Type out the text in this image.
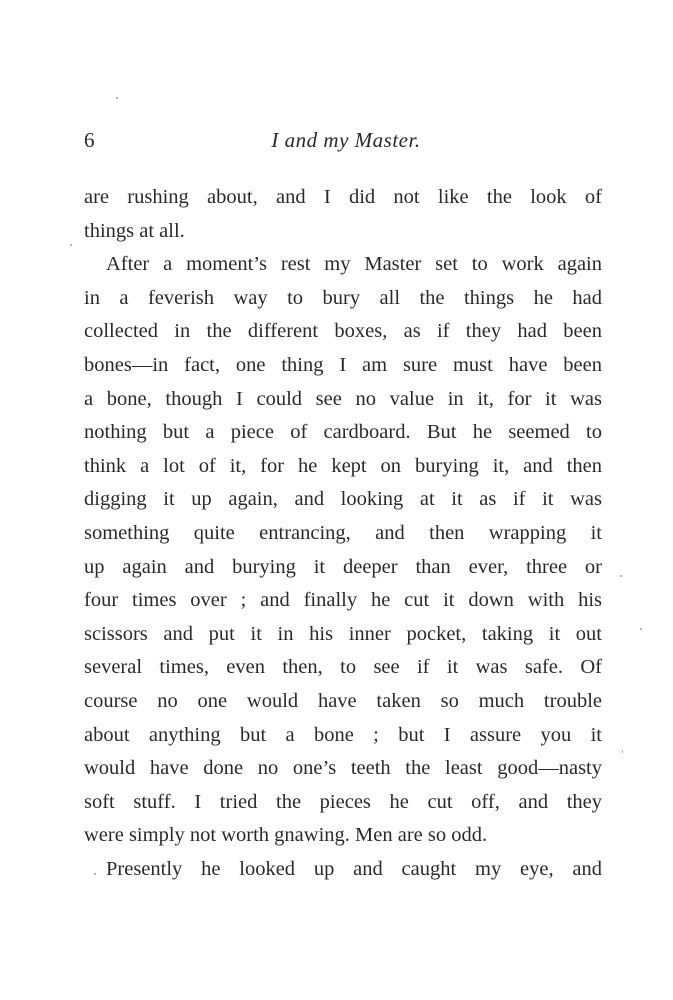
6	I and my Master.
are rushing about, and I did not like the look of
things at all.
After a moment’s rest my Master set to work again
in a feverish way to bury all the things he had
collected in the different boxes, as if they had been
bones—in fact, one thing I am sure must have been
a bone, though I could see no value in it, for it was
nothing but a piece of cardboard. But he seemed to
think a lot of it, for he kept on burying it, and then
digging it up again, and looking at it as if it was
something quite entrancing, and then wrapping it
up again and burying it deeper than ever, three or
four times over ; and finally he cut it down with his
scissors and put it in his inner pocket, taking it out
several times, even then, to see if it was safe. Of
course no one would have taken so much trouble
about anything but a bone ; but I assure you it
would have done no one’s teeth the least good—nasty
soft stuff. I tried the pieces he cut off, and they
were simply not worth gnawing. Men are so odd.
Presently he looked up and caught my eye, and
